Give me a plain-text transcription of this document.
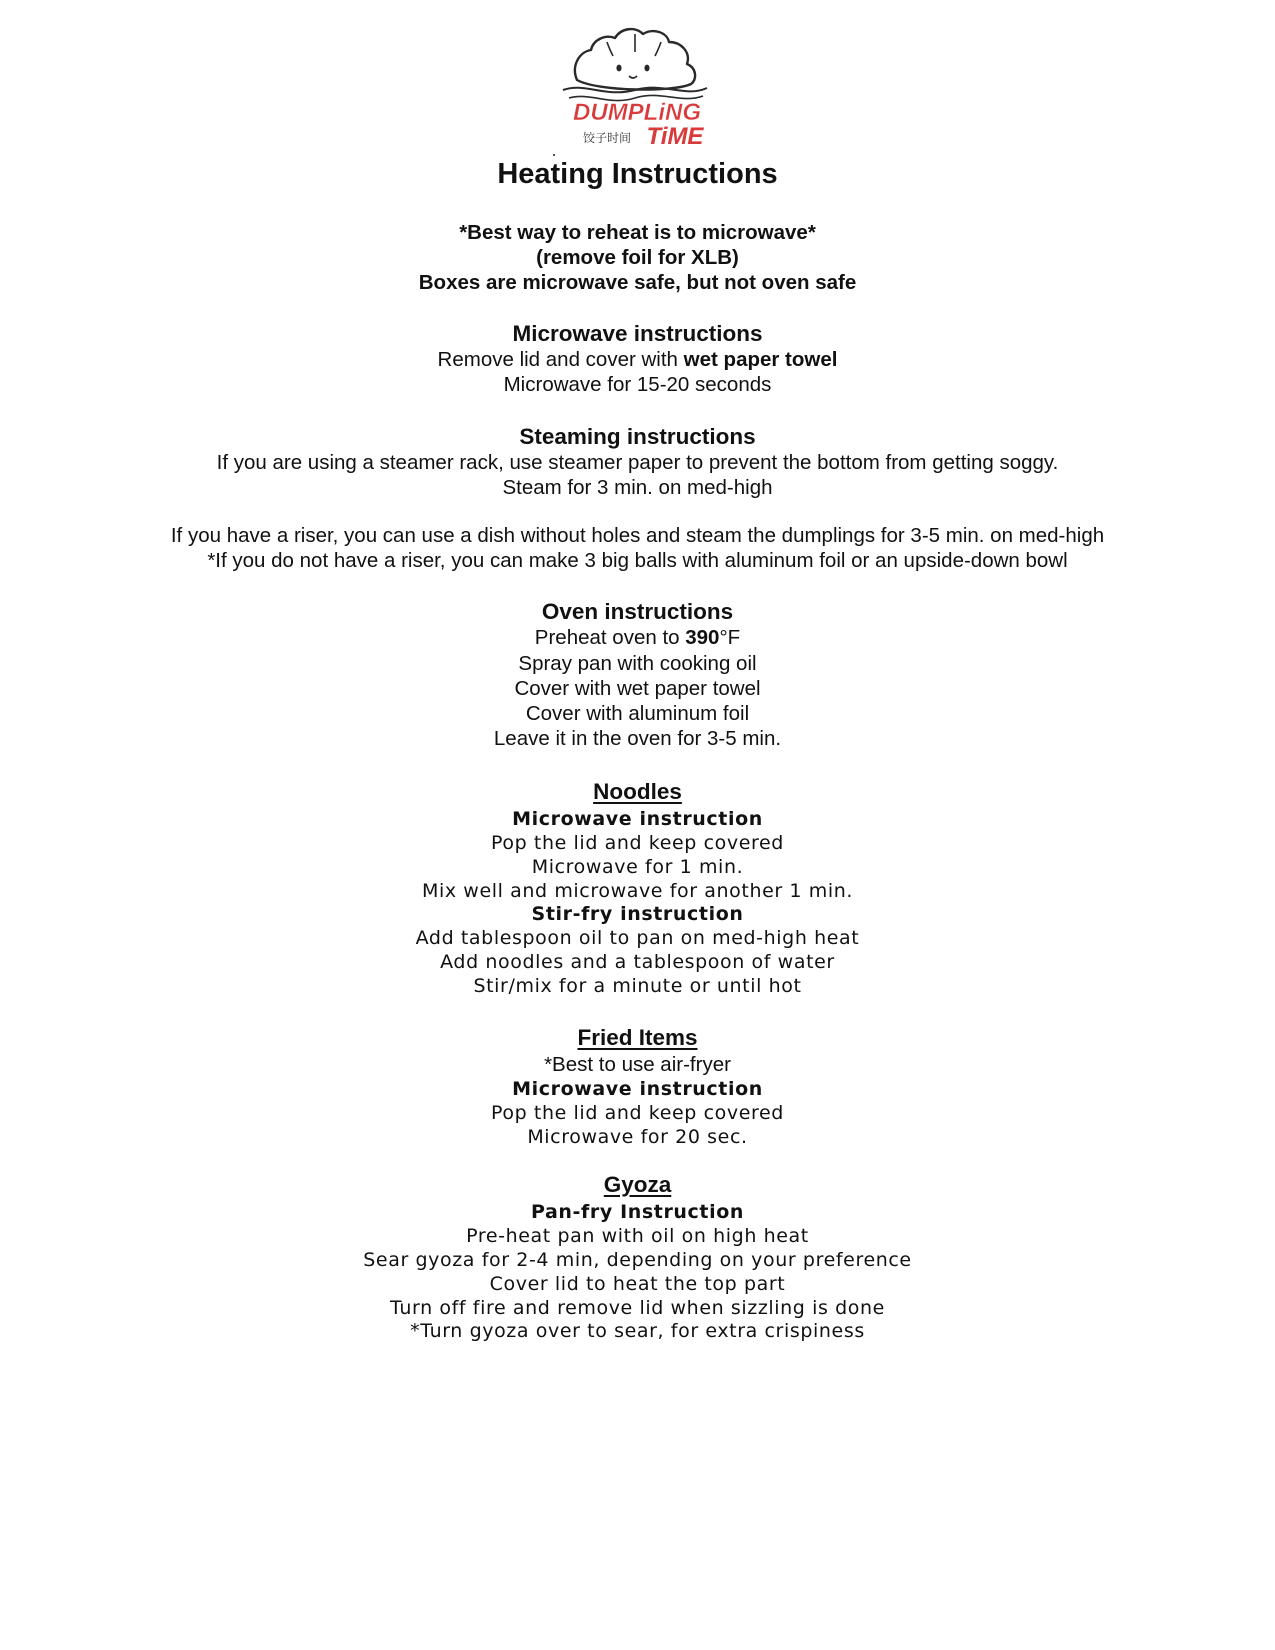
DUMPLiNG
饺子时间 TiME
Heating Instructions
*Best way to reheat is to microwave*
(remove foil for XLB)
Boxes are microwave safe, but not oven safe
Microwave instructions
Remove lid and cover with wet paper towel
Microwave for 15-20 seconds
Steaming instructions
If you are using a steamer rack, use steamer paper to prevent the bottom from getting soggy.
Steam for 3 min. on med-high
If you have a riser, you can use a dish without holes and steam the dumplings for 3-5 min. on med-high
*If you do not have a riser, you can make 3 big balls with aluminum foil or an upside-down bowl
Oven instructions
Preheat oven to 390°F
Spray pan with cooking oil
Cover with wet paper towel
Cover with aluminum foil
Leave it in the oven for 3-5 min.
Noodles
Microwave instruction
Pop the lid and keep covered
Microwave for 1 min.
Mix well and microwave for another 1 min.
Stir-fry instruction
Add tablespoon oil to pan on med-high heat
Add noodles and a tablespoon of water
Stir/mix for a minute or until hot
Fried Items
*Best to use air-fryer
Microwave instruction
Pop the lid and keep covered
Microwave for 20 sec.
Gyoza
Pan-fry Instruction
Pre-heat pan with oil on high heat
Sear gyoza for 2-4 min, depending on your preference
Cover lid to heat the top part
Turn off fire and remove lid when sizzling is done
*Turn gyoza over to sear, for extra crispiness
